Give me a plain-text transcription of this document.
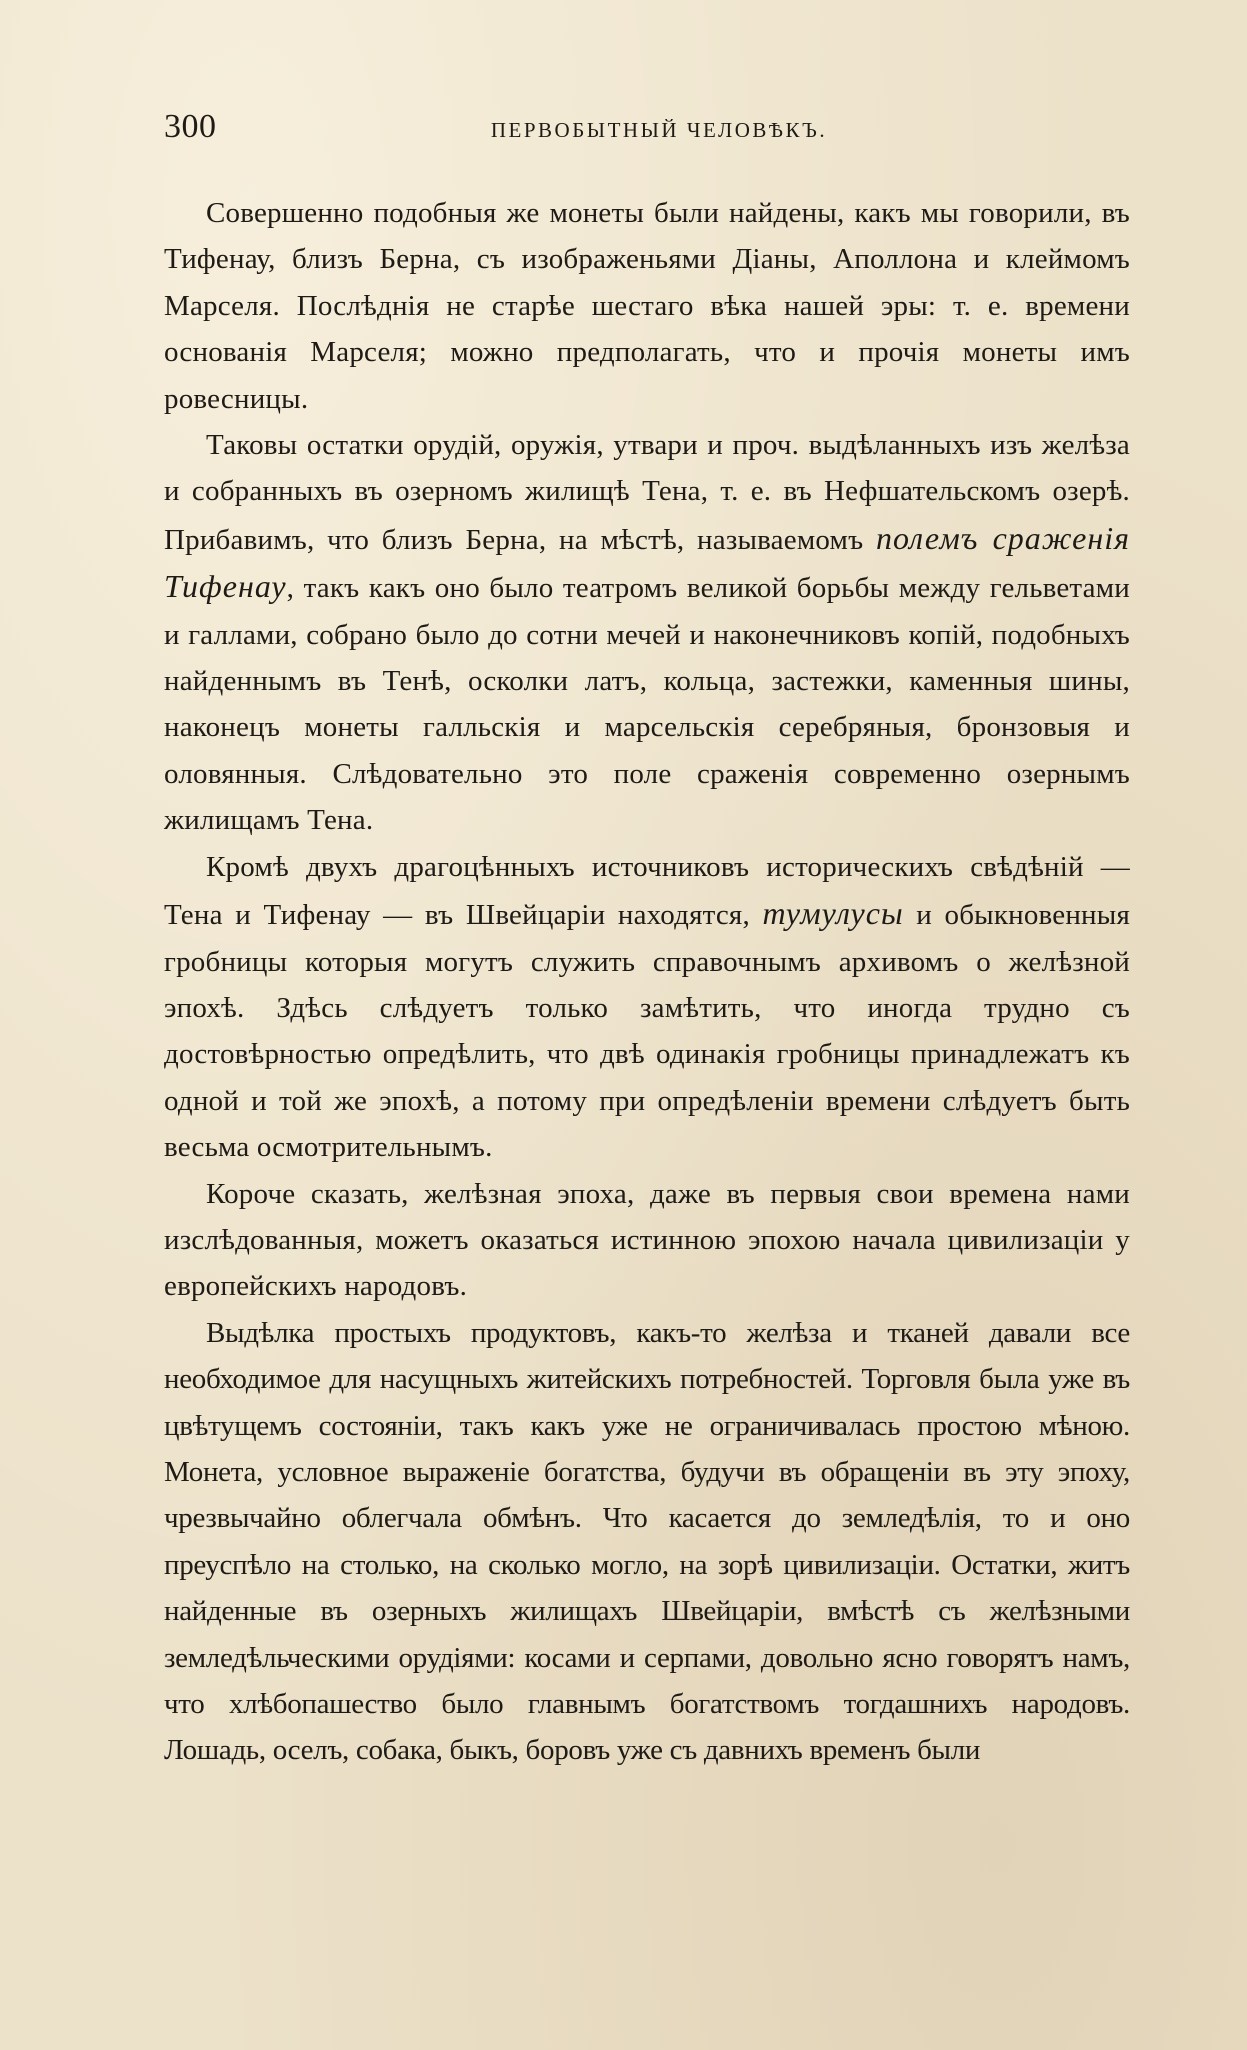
300	ПЕРВОБЫТНЫЙ ЧЕЛОВѢКЪ.

Совершенно подобныя же монеты были найдены, какъ мы говорили, въ Тифенау, близъ Берна, съ изображеньями Діаны, Аполлона и клеймомъ Марселя. Послѣднія не старѣе шестаго вѣка нашей эры: т. е. времени основанія Марселя; можно предполагать, что и прочія монеты имъ ровесницы.

Таковы остатки орудій, оружія, утвари и проч. выдѣланныхъ изъ желѣза и собранныхъ въ озерномъ жилищѣ Тена, т. е. въ Нефшательскомъ озерѣ. Прибавимъ, что близъ Берна, на мѣстѣ, называемомъ полемъ сраженія Тифенау, такъ какъ оно было театромъ великой борьбы между гельветами и галлами, собрано было до сотни мечей и наконечниковъ копій, подобныхъ найденнымъ въ Тенѣ, осколки латъ, кольца, застежки, каменныя шины, наконецъ монеты галльскія и марсельскія серебряныя, бронзовыя и оловянныя. Слѣдовательно это поле сраженія современно озернымъ жилищамъ Тена.

Кромѣ двухъ драгоцѣнныхъ источниковъ историческихъ свѣдѣній — Тена и Тифенау — въ Швейцаріи находятся, тумулусы и обыкновенныя гробницы которыя могутъ служить справочнымъ архивомъ о желѣзной эпохѣ. Здѣсь слѣдуетъ только замѣтить, что иногда трудно съ достовѣрностью опредѣлить, что двѣ одинакія гробницы принадлежатъ къ одной и той же эпохѣ, а потому при опредѣленіи времени слѣдуетъ быть весьма осмотрительнымъ.

Короче сказать, желѣзная эпоха, даже въ первыя свои времена нами изслѣдованныя, можетъ оказаться истинною эпохою начала цивилизаціи у европейскихъ народовъ.

Выдѣлка простыхъ продуктовъ, какъ-то желѣза и тканей давали все необходимое для насущныхъ житейскихъ потребностей. Торговля была уже въ цвѣтущемъ состояніи, такъ какъ уже не ограничивалась простою мѣною. Монета, условное выраженіе богатства, будучи въ обращеніи въ эту эпоху, чрезвычайно облегчала обмѣнъ. Что касается до земледѣлія, то и оно преуспѣло на столько, на сколько могло, на зорѣ цивилизаціи. Остатки, житъ найденные въ озерныхъ жилищахъ Швейцаріи, вмѣстѣ съ желѣзными земледѣльческими орудіями: косами и серпами, довольно ясно говорятъ намъ, что хлѣбопашество было главнымъ богатствомъ тогдашнихъ народовъ. Лошадь, оселъ, собака, быкъ, боровъ уже съ давнихъ временъ были
